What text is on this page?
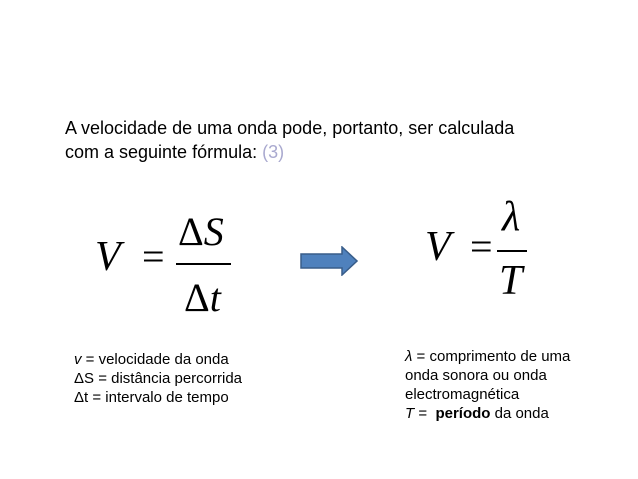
A velocidade de uma onda pode, portanto, ser calculada com a seguinte fórmula: (3)
V =
ΔS
Δt
V =
λ
T

v = velocidade da onda

ΔS = distância percorrida

Δt = intervalo de tempo

λ = comprimento de uma

onda sonora ou onda

electromagnética

T =  período da onda
